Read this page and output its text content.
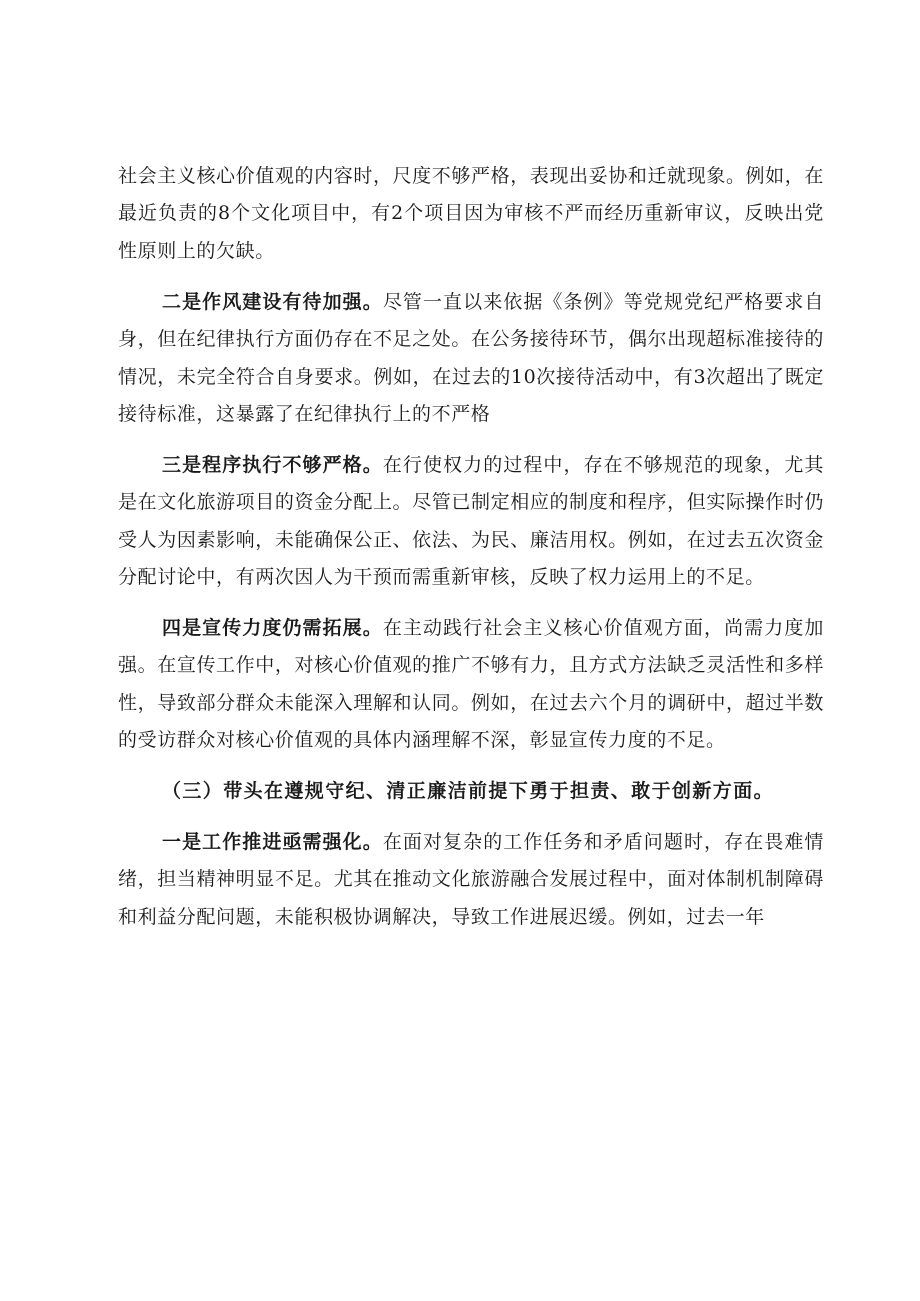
社会主义核心价值观的内容时，尺度不够严格，表现出妥协和迁就现象。例如，在最近负责的8个文化项目中，有2个项目因为审核不严而经历重新审议，反映出党性原则上的欠缺。

二是作风建设有待加强。尽管一直以来依据《条例》等党规党纪严格要求自身，但在纪律执行方面仍存在不足之处。在公务接待环节，偶尔出现超标准接待的情况，未完全符合自身要求。例如，在过去的10次接待活动中，有3次超出了既定接待标准，这暴露了在纪律执行上的不严格

三是程序执行不够严格。在行使权力的过程中，存在不够规范的现象，尤其是在文化旅游项目的资金分配上。尽管已制定相应的制度和程序，但实际操作时仍受人为因素影响，未能确保公正、依法、为民、廉洁用权。例如，在过去五次资金分配讨论中，有两次因人为干预而需重新审核，反映了权力运用上的不足。

四是宣传力度仍需拓展。在主动践行社会主义核心价值观方面，尚需力度加强。在宣传工作中，对核心价值观的推广不够有力，且方式方法缺乏灵活性和多样性，导致部分群众未能深入理解和认同。例如，在过去六个月的调研中，超过半数的受访群众对核心价值观的具体内涵理解不深，彰显宣传力度的不足。

（三）带头在遵规守纪、清正廉洁前提下勇于担责、敢于创新方面。

一是工作推进亟需强化。在面对复杂的工作任务和矛盾问题时，存在畏难情绪，担当精神明显不足。尤其在推动文化旅游融合发展过程中，面对体制机制障碍和利益分配问题，未能积极协调解决，导致工作进展迟缓。例如，过去一年
